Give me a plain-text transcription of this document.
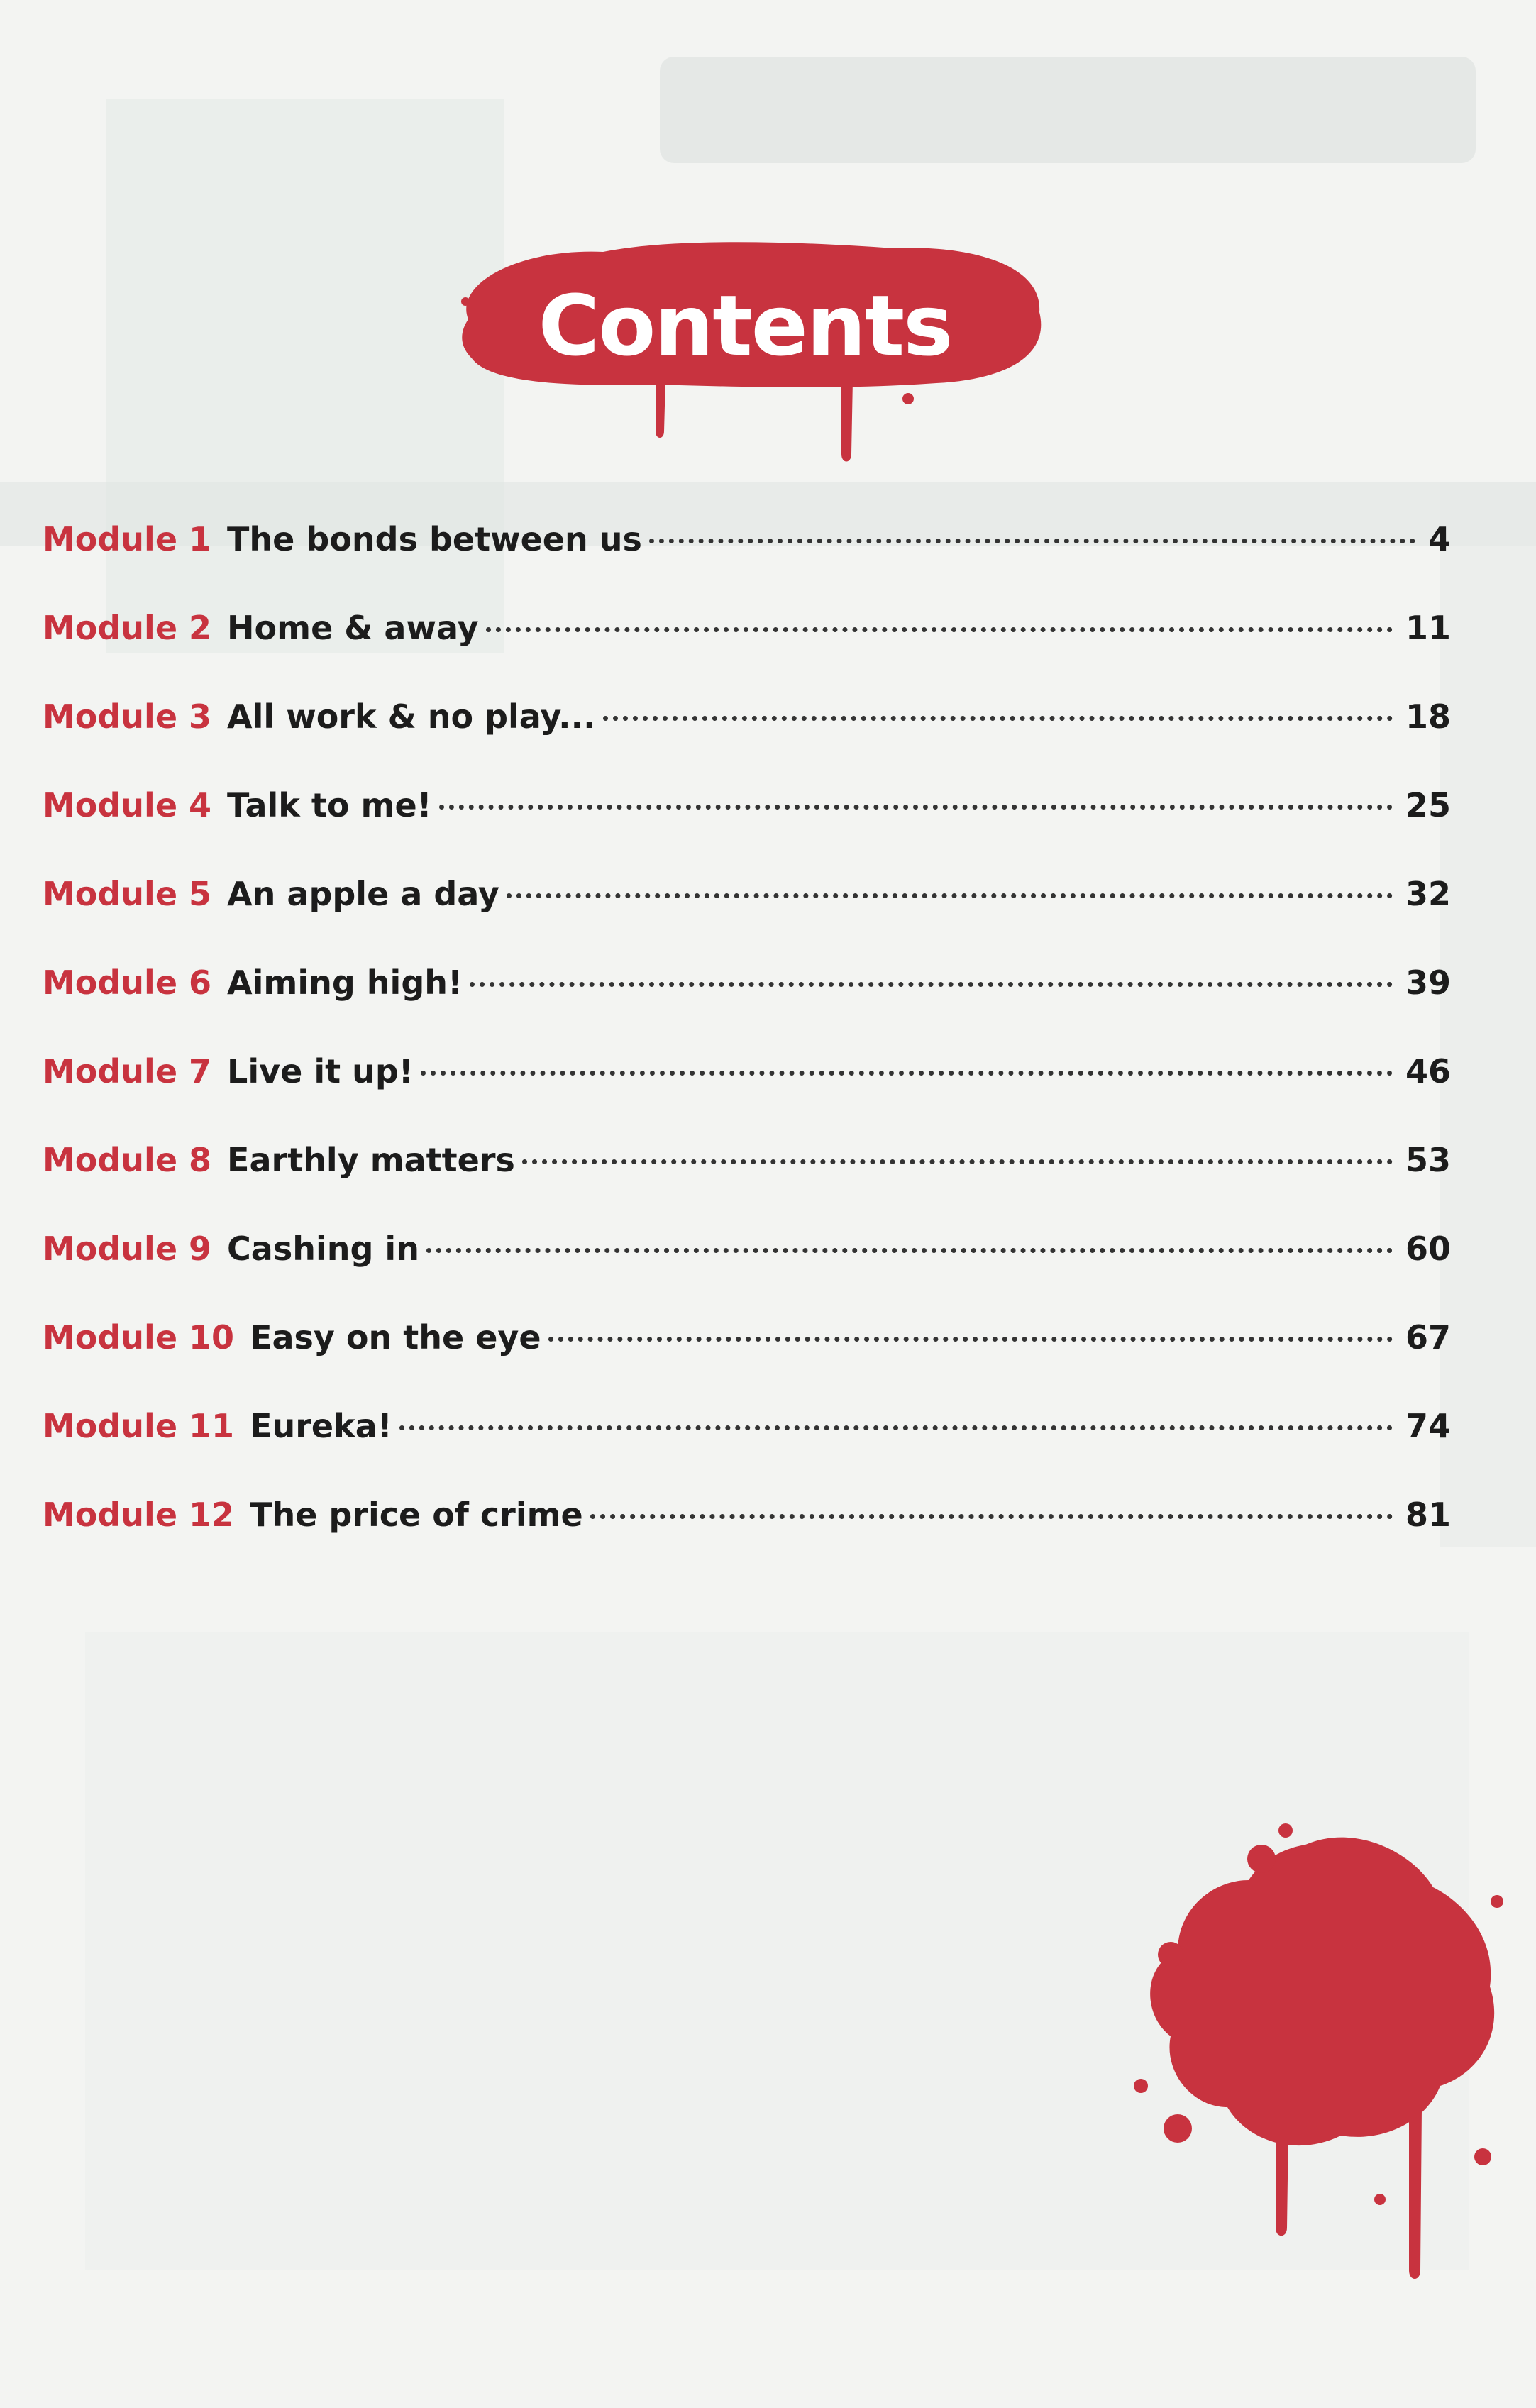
Contents
Module 1 The bonds between us	4
Module 2 Home & away	11
Module 3 All work & no play...	18
Module 4 Talk to me!	25
Module 5 An apple a day	32
Module 6 Aiming high!	39
Module 7 Live it up!	46
Module 8 Earthly matters	53
Module 9 Cashing in	60
Module 10 Easy on the eye	67
Module 11 Eureka!	74
Module 12 The price of crime	81
